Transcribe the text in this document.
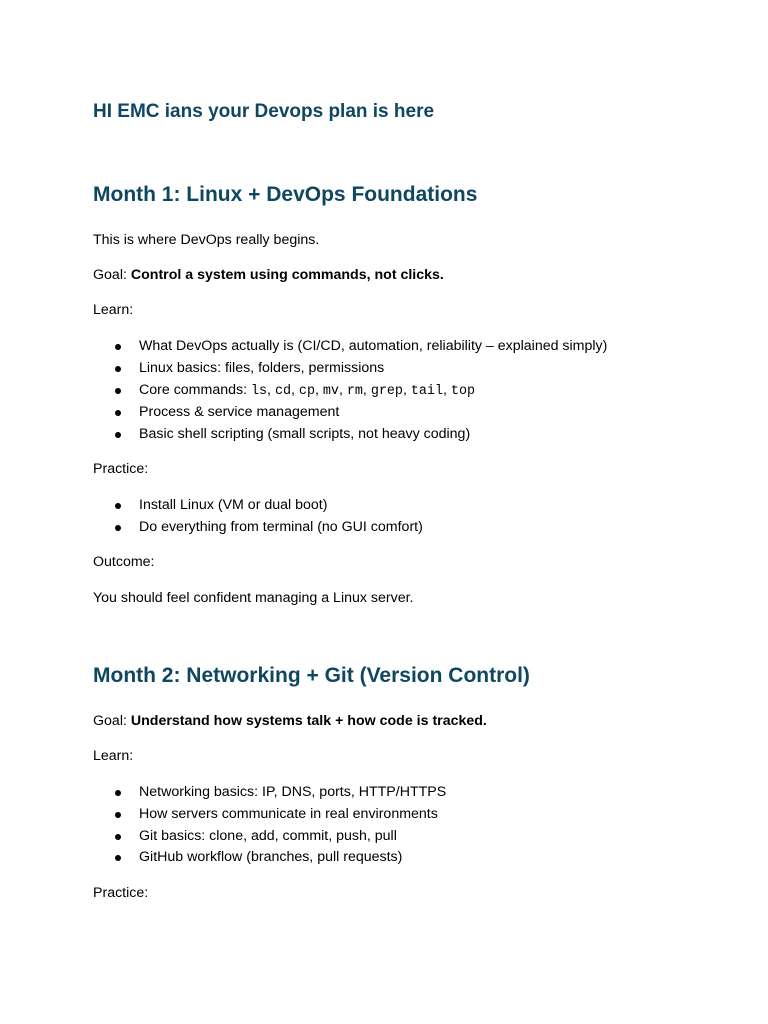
HI EMC ians your Devops plan is here
Month 1: Linux + DevOps Foundations

This is where DevOps really begins.

Goal: Control a system using commands, not clicks.

Learn:

What DevOps actually is (CI/CD, automation, reliability – explained simply)
Linux basics: files, folders, permissions
Core commands: ls, cd, cp, mv, rm, grep, tail, top
Process & service management
Basic shell scripting (small scripts, not heavy coding)

Practice:

Install Linux (VM or dual boot)
Do everything from terminal (no GUI comfort)

Outcome:

You should feel confident managing a Linux server.

Month 2: Networking + Git (Version Control)

Goal: Understand how systems talk + how code is tracked.

Learn:

Networking basics: IP, DNS, ports, HTTP/HTTPS
How servers communicate in real environments
Git basics: clone, add, commit, push, pull
GitHub workflow (branches, pull requests)

Practice:
